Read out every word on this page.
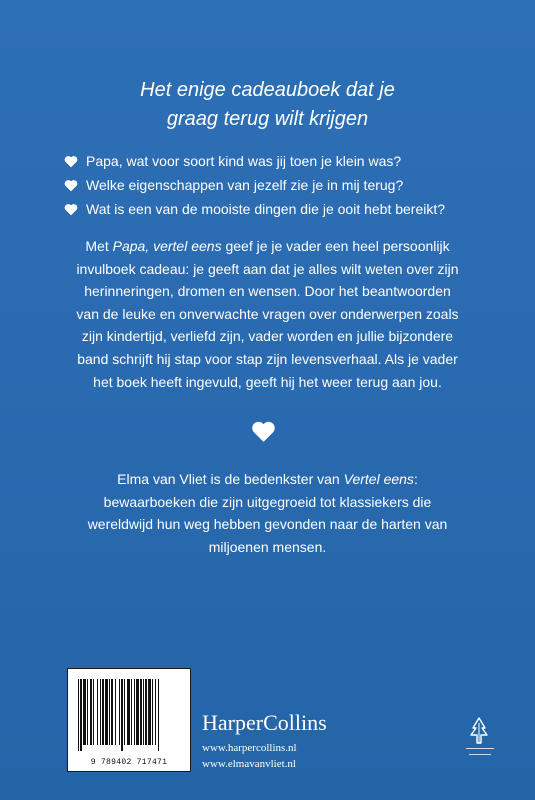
Het enige cadeauboek dat je
graag terug wilt krijgen
Papa, wat voor soort kind was jij toen je klein was?
Welke eigenschappen van jezelf zie je in mij terug?
Wat is een van de mooiste dingen die je ooit hebt bereikt?
Met Papa, vertel eens geef je je vader een heel persoonlijk
invulboek cadeau: je geeft aan dat je alles wilt weten over zijn
herinneringen, dromen en wensen. Door het beantwoorden
van de leuke en onverwachte vragen over onderwerpen zoals
zijn kindertijd, verliefd zijn, vader worden en jullie bijzondere
band schrijft hij stap voor stap zijn levensverhaal. Als je vader
het boek heeft ingevuld, geeft hij het weer terug aan jou.
Elma van Vliet is de bedenkster van Vertel eens:
bewaarboeken die zijn uitgegroeid tot klassiekers die
wereldwijd hun weg hebben gevonden naar de harten van
miljoenen mensen.
9 789402 717471
HarperCollins
www.harpercollins.nl
www.elmavanvliet.nl
